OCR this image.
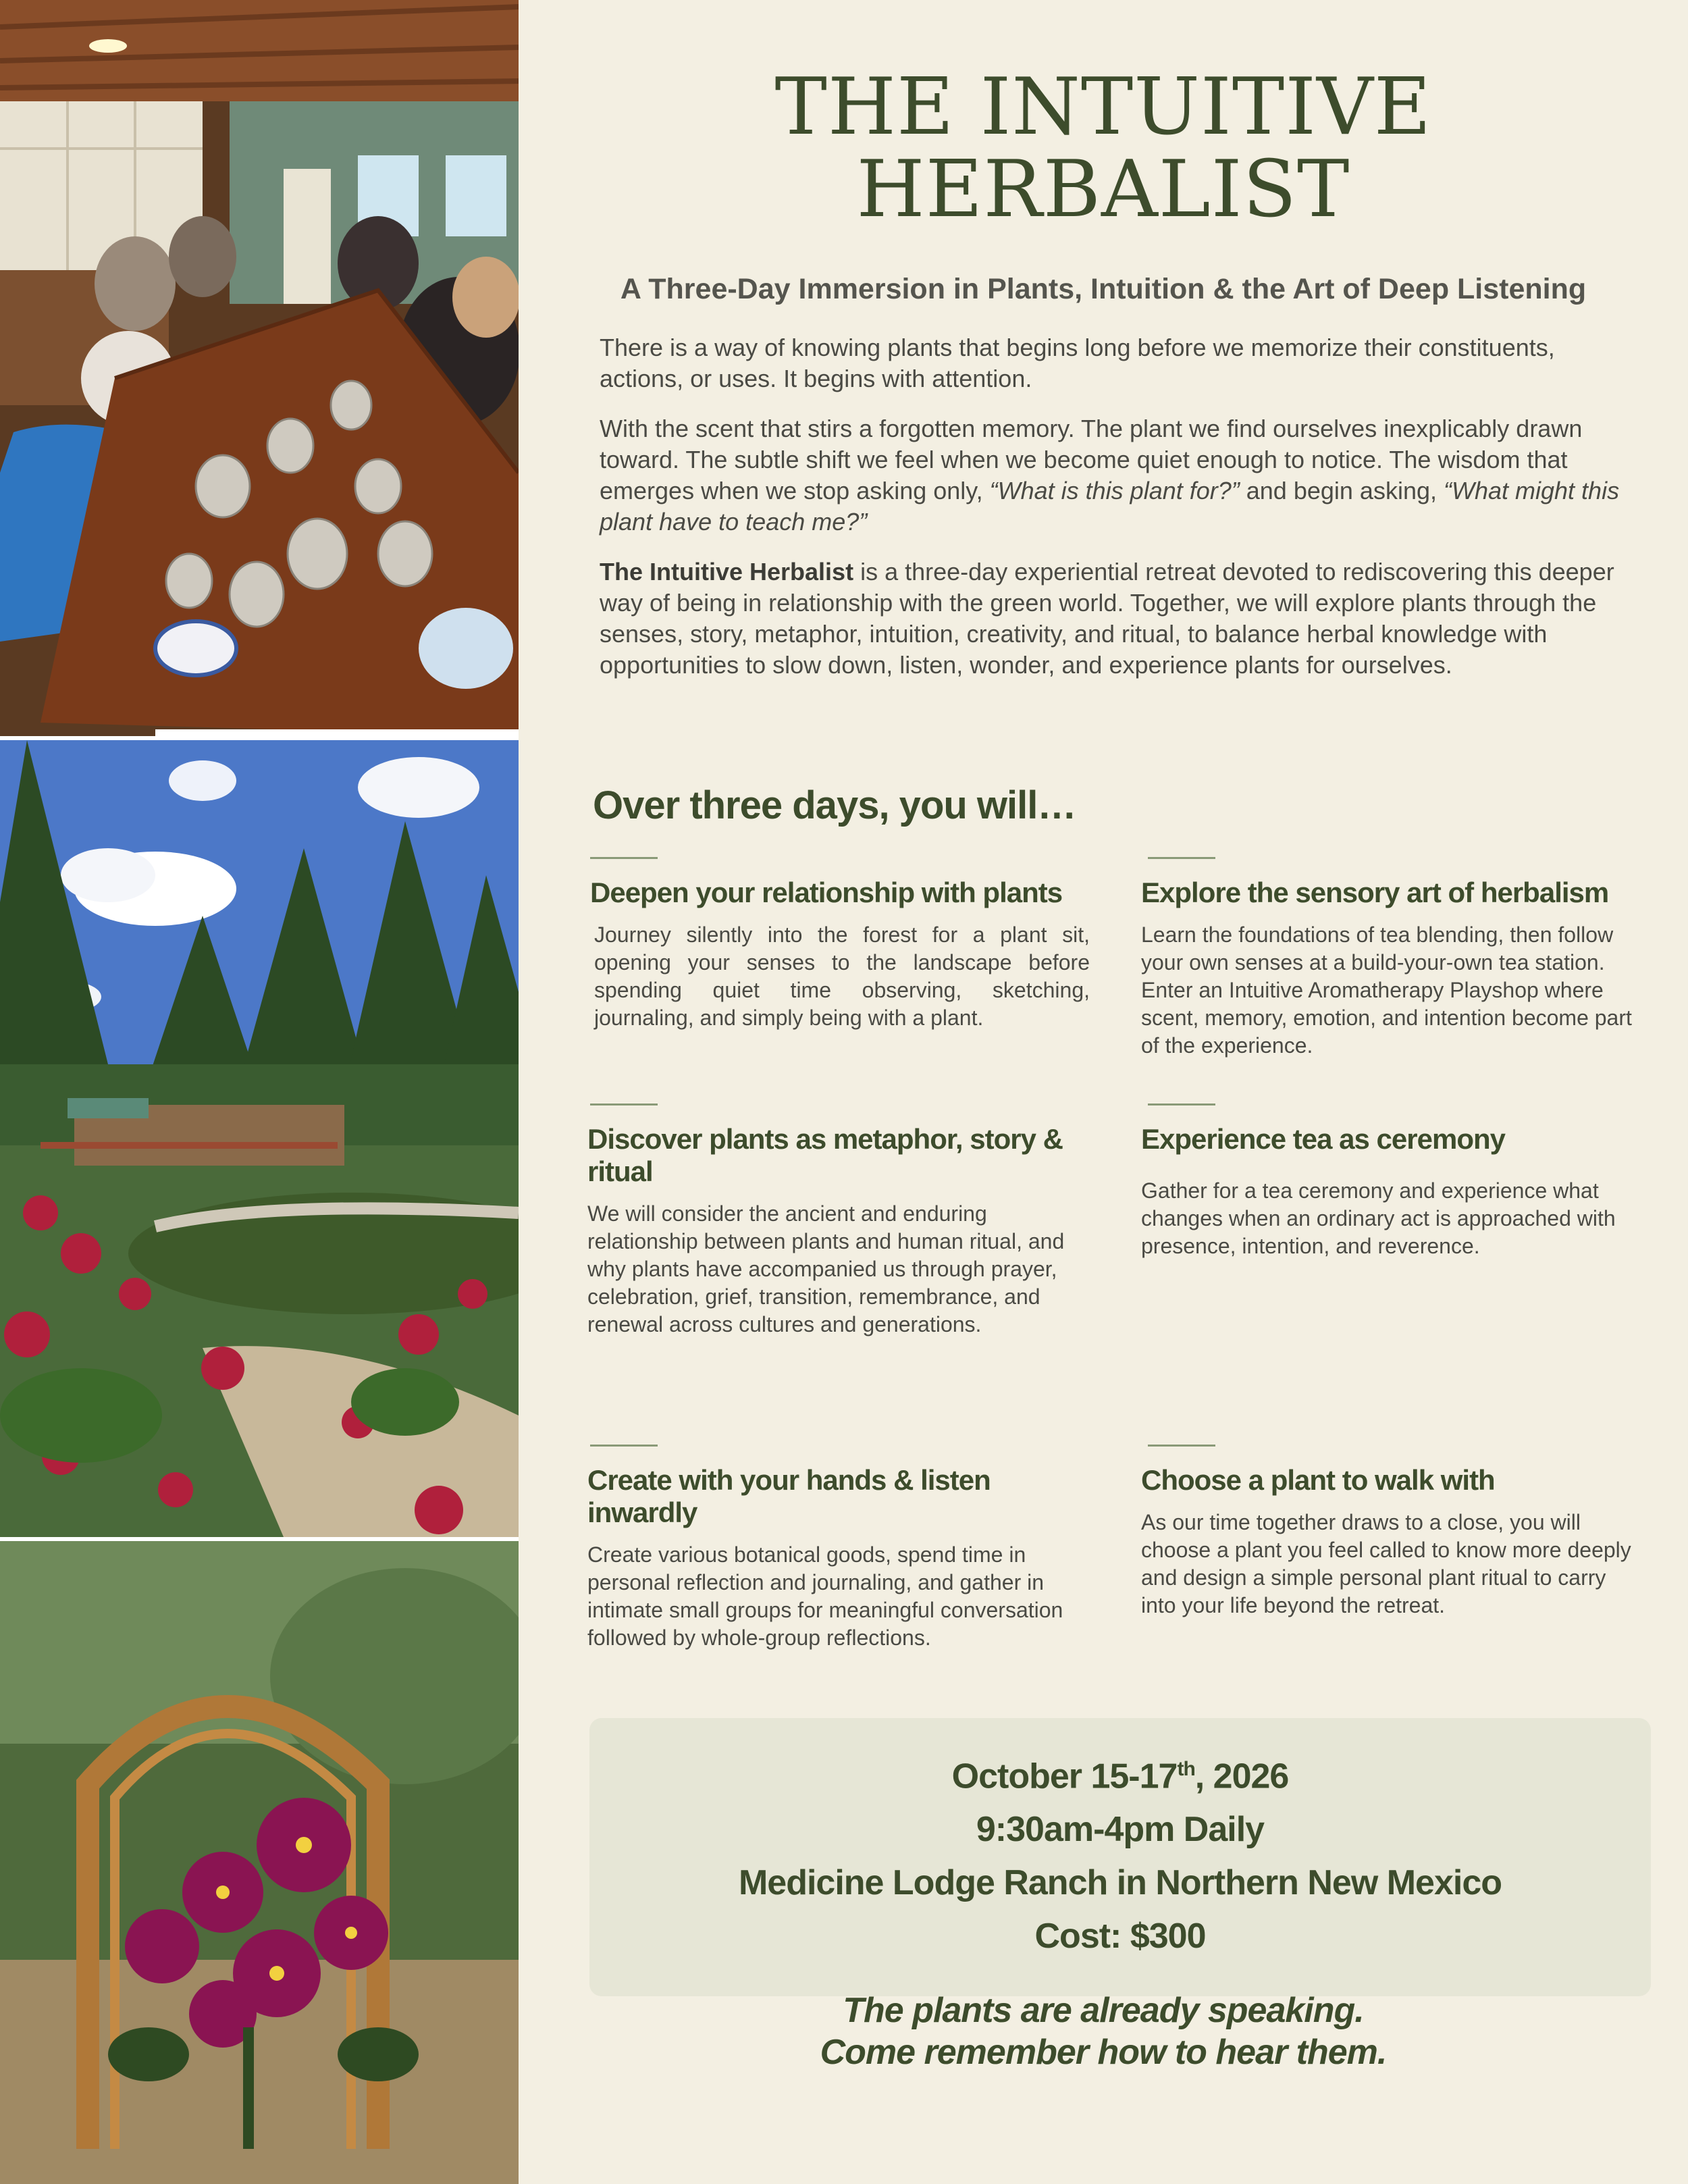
THE INTUITIVE HERBALIST
A Three-Day Immersion in Plants, Intuition & the Art of Deep Listening

There is a way of knowing plants that begins long before we memorize their constituents, actions, or uses. It begins with attention.

With the scent that stirs a forgotten memory. The plant we find ourselves inexplicably drawn toward. The subtle shift we feel when we become quiet enough to notice. The wisdom that emerges when we stop asking only, “What is this plant for?” and begin asking, “What might this plant have to teach me?”

The Intuitive Herbalist is a three-day experiential retreat devoted to rediscovering this deeper way of being in relationship with the green world. Together, we will explore plants through the senses, story, metaphor, intuition, creativity, and ritual, to balance herbal knowledge with opportunities to slow down, listen, wonder, and experience plants for ourselves.

Over three days, you will…
Deepen your relationship with plants

Journey silently into the forest for a plant sit, opening your senses to the landscape before spending quiet time observing, sketching, journaling, and simply being with a plant.

Explore the sensory art of herbalism

Learn the foundations of tea blending, then follow your own senses at a build-your-own tea station. Enter an Intuitive Aromatherapy Playshop where scent, memory, emotion, and intention become part of the experience.

Discover plants as metaphor, story & ritual

We will consider the ancient and enduring relationship between plants and human ritual, and why plants have accompanied us through prayer, celebration, grief, transition, remembrance, and renewal across cultures and generations.

Experience tea as ceremony

Gather for a tea ceremony and experience what changes when an ordinary act is approached with presence, intention, and reverence.

Create with your hands & listen inwardly

Create various botanical goods, spend time in personal reflection and journaling, and gather in intimate small groups for meaningful conversation followed by whole-group reflections.

Choose a plant to walk with

As our time together draws to a close, you will choose a plant you feel called to know more deeply and design a simple personal plant ritual to carry into your life beyond the retreat.

October 15-17th, 2026
9:30am-4pm Daily
Medicine Lodge Ranch in Northern New Mexico
Cost: $300
The plants are already speaking.
Come remember how to hear them.
